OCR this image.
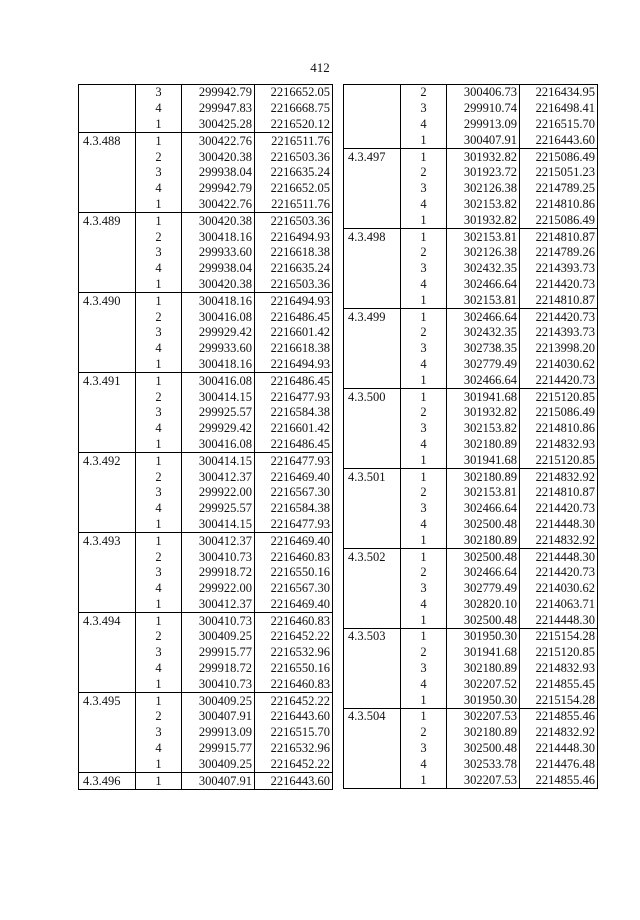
412
	3	299942.79	2216652.05
	4	299947.83	2216668.75
	1	300425.28	2216520.12
4.3.488	1	300422.76	2216511.76
	2	300420.38	2216503.36
	3	299938.04	2216635.24
	4	299942.79	2216652.05
	1	300422.76	2216511.76
4.3.489	1	300420.38	2216503.36
	2	300418.16	2216494.93
	3	299933.60	2216618.38
	4	299938.04	2216635.24
	1	300420.38	2216503.36
4.3.490	1	300418.16	2216494.93
	2	300416.08	2216486.45
	3	299929.42	2216601.42
	4	299933.60	2216618.38
	1	300418.16	2216494.93
4.3.491	1	300416.08	2216486.45
	2	300414.15	2216477.93
	3	299925.57	2216584.38
	4	299929.42	2216601.42
	1	300416.08	2216486.45
4.3.492	1	300414.15	2216477.93
	2	300412.37	2216469.40
	3	299922.00	2216567.30
	4	299925.57	2216584.38
	1	300414.15	2216477.93
4.3.493	1	300412.37	2216469.40
	2	300410.73	2216460.83
	3	299918.72	2216550.16
	4	299922.00	2216567.30
	1	300412.37	2216469.40
4.3.494	1	300410.73	2216460.83
	2	300409.25	2216452.22
	3	299915.77	2216532.96
	4	299918.72	2216550.16
	1	300410.73	2216460.83
4.3.495	1	300409.25	2216452.22
	2	300407.91	2216443.60
	3	299913.09	2216515.70
	4	299915.77	2216532.96
	1	300409.25	2216452.22
4.3.496	1	300407.91	2216443.60
	2	300406.73	2216434.95
	3	299910.74	2216498.41
	4	299913.09	2216515.70
	1	300407.91	2216443.60
4.3.497	1	301932.82	2215086.49
	2	301923.72	2215051.23
	3	302126.38	2214789.25
	4	302153.82	2214810.86
	1	301932.82	2215086.49
4.3.498	1	302153.81	2214810.87
	2	302126.38	2214789.26
	3	302432.35	2214393.73
	4	302466.64	2214420.73
	1	302153.81	2214810.87
4.3.499	1	302466.64	2214420.73
	2	302432.35	2214393.73
	3	302738.35	2213998.20
	4	302779.49	2214030.62
	1	302466.64	2214420.73
4.3.500	1	301941.68	2215120.85
	2	301932.82	2215086.49
	3	302153.82	2214810.86
	4	302180.89	2214832.93
	1	301941.68	2215120.85
4.3.501	1	302180.89	2214832.92
	2	302153.81	2214810.87
	3	302466.64	2214420.73
	4	302500.48	2214448.30
	1	302180.89	2214832.92
4.3.502	1	302500.48	2214448.30
	2	302466.64	2214420.73
	3	302779.49	2214030.62
	4	302820.10	2214063.71
	1	302500.48	2214448.30
4.3.503	1	301950.30	2215154.28
	2	301941.68	2215120.85
	3	302180.89	2214832.93
	4	302207.52	2214855.45
	1	301950.30	2215154.28
4.3.504	1	302207.53	2214855.46
	2	302180.89	2214832.92
	3	302500.48	2214448.30
	4	302533.78	2214476.48
	1	302207.53	2214855.46
